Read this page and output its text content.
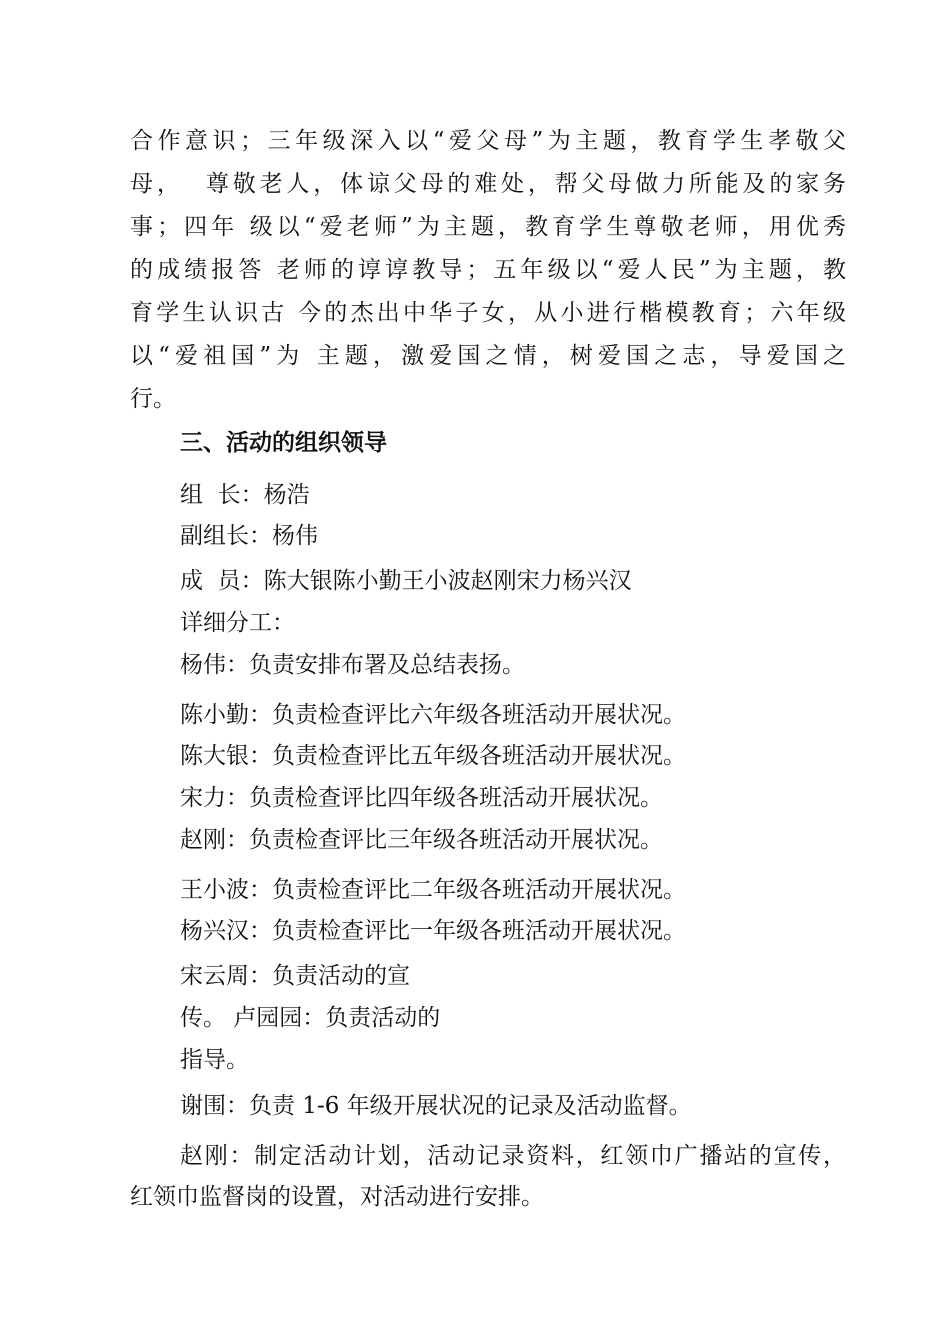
合作意识；三年级深入以“爱父母”为主题，教育学生孝敬父

母，  尊敬老人，体谅父母的难处，帮父母做力所能及的家务

事；四年 级以“爱老师”为主题，教育学生尊敬老师，用优秀

的成绩报答 老师的谆谆教导；五年级以“爱人民”为主题，教

育学生认识古 今的杰出中华子女，从小进行楷模教育；六年级

以“爱祖国”为 主题，激爱国之情，树爱国之志，导爱国之

行。

三、活动的组织领导

组  长：杨浩

副组长：杨伟

成  员：陈大银陈小勤王小波赵刚宋力杨兴汉

详细分工：

杨伟：负责安排布署及总结表扬。

陈小勤：负责检查评比六年级各班活动开展状况。

陈大银：负责检查评比五年级各班活动开展状况。

宋力：负责检查评比四年级各班活动开展状况。

赵刚：负责检查评比三年级各班活动开展状况。

王小波：负责检查评比二年级各班活动开展状况。

杨兴汉：负责检查评比一年级各班活动开展状况。

宋云周：负责活动的宣

传。 卢园园：负责活动的

指导。

谢围：负责 1-6 年级开展状况的记录及活动监督。

赵刚：制定活动计划，活动记录资料，红领巾广播站的宣传，

红领巾监督岗的设置，对活动进行安排。
